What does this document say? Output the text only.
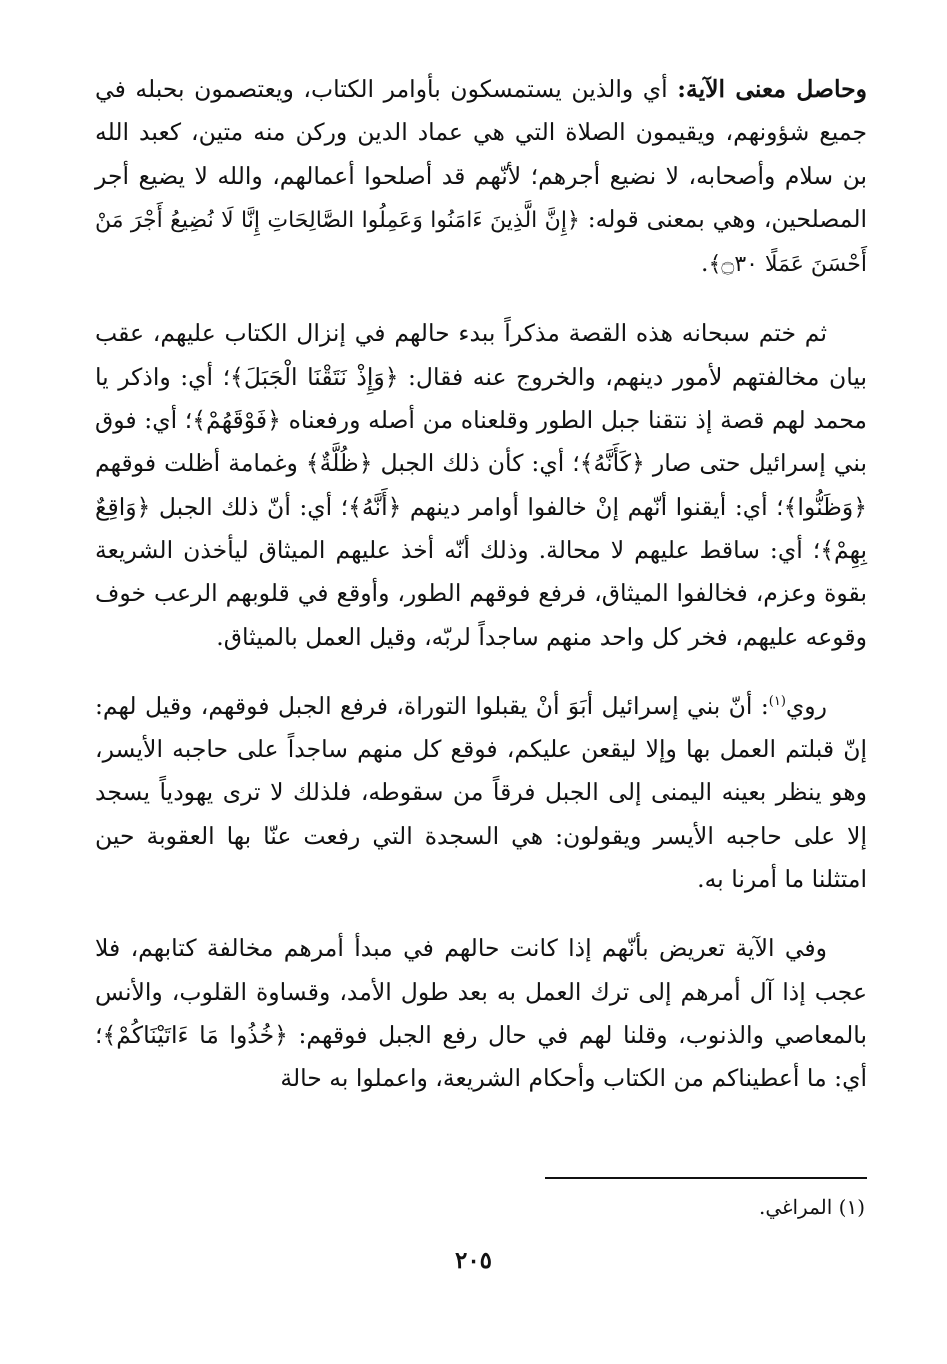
وحاصل معنى الآية: أي والذين يستمسكون بأوامر الكتاب، ويعتصمون بحبله في جميع شؤونهم، ويقيمون الصلاة التي هي عماد الدين وركن منه متين، كعبد الله بن سلام وأصحابه، لا نضيع أجرهم؛ لأنّهم قد أصلحوا أعمالهم، والله لا يضيع أجر المصلحين، وهي بمعنى قوله: ﴿إِنَّ الَّذِينَ ءَامَنُوا وَعَمِلُوا الصَّالِحَاتِ إِنَّا لَا نُضِيعُ أَجْرَ مَنْ أَحْسَنَ عَمَلًا ۝٣٠﴾.

ثم ختم سبحانه هذه القصة مذكراً ببدء حالهم في إنزال الكتاب عليهم، عقب بيان مخالفتهم لأمور دينهم، والخروج عنه فقال: ﴿وَإِذْ نَتَقْنَا الْجَبَلَ﴾؛ أي: واذكر يا محمد لهم قصة إذ نتقنا جبل الطور وقلعناه من أصله ورفعناه ﴿فَوْقَهُمْ﴾؛ أي: فوق بني إسرائيل حتى صار ﴿كَأَنَّهُ﴾؛ أي: كأن ذلك الجبل ﴿ظُلَّةٌ﴾ وغمامة أظلت فوقهم ﴿وَظَنُّوا﴾؛ أي: أيقنوا أنّهم إنْ خالفوا أوامر دينهم ﴿أَنَّهُ﴾؛ أي: أنّ ذلك الجبل ﴿وَاقِعٌ بِهِمْ﴾؛ أي: ساقط عليهم لا محالة. وذلك أنّه أخذ عليهم الميثاق ليأخذن الشريعة بقوة وعزم، فخالفوا الميثاق، فرفع فوقهم الطور، وأوقع في قلوبهم الرعب خوف وقوعه عليهم، فخر كل واحد منهم ساجداً لربّه، وقيل العمل بالميثاق.

روي$^{(١)}$: أنّ بني إسرائيل أبَوَ أنْ يقبلوا التوراة، فرفع الجبل فوقهم، وقيل لهم: إنّ قبلتم العمل بها وإلا ليقعن عليكم، فوقع كل منهم ساجداً على حاجبه الأيسر، وهو ينظر بعينه اليمنى إلى الجبل فرقاً من سقوطه، فلذلك لا ترى يهودياً يسجد إلا على حاجبه الأيسر ويقولون: هي السجدة التي رفعت عنّا بها العقوبة حين امتثلنا ما أمرنا به.

وفي الآية تعريض بأنّهم إذا كانت حالهم في مبدأ أمرهم مخالفة كتابهم، فلا عجب إذا آل أمرهم إلى ترك العمل به بعد طول الأمد، وقساوة القلوب، والأنس بالمعاصي والذنوب، وقلنا لهم في حال رفع الجبل فوقهم: ﴿خُذُوا مَا ءَاتَيْنَاكُمْ﴾؛ أي: ما أعطيناكم من الكتاب وأحكام الشريعة، واعملوا به حالة

(١) المراغي.
٢٠٥
